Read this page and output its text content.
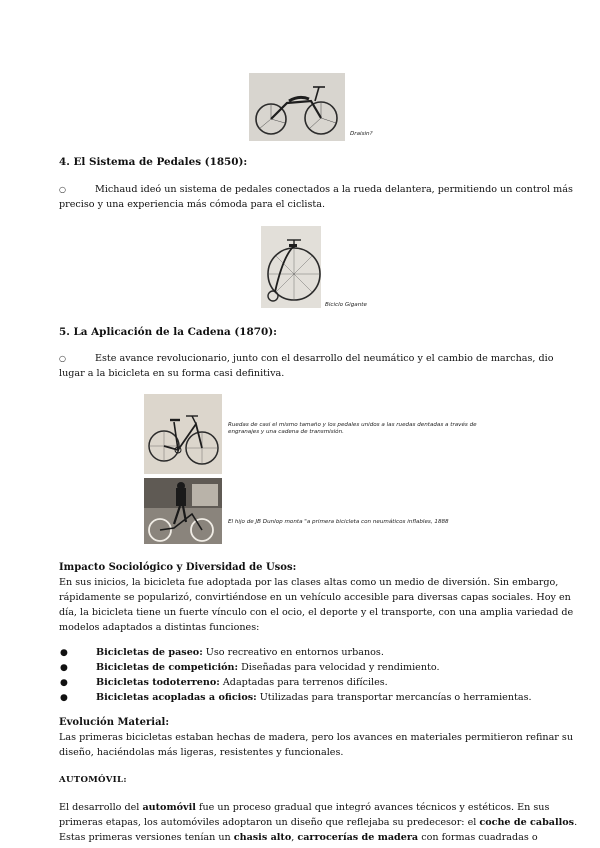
Draisin?
4. El Sistema de Pedales (1850):
○	Michaud ideó un sistema de pedales conectados a la rueda delantera, permitiendo un control más
preciso y una experiencia más cómoda para el ciclista.
Biciclo Gigante
5. La Aplicación de la Cadena (1870):
○	Este avance revolucionario, junto con el desarrollo del neumático y el cambio de marchas, dio
lugar a la bicicleta en su forma casi definitiva.
Ruedas de casi el mismo tamaño y los pedales unidos a las ruedas dentadas a través de engranajes y una cadena de transmisión.
El hijo de JB Dunlop monta "a primera bicicleta con neumáticos inflables, 1888
Impacto Sociológico y Diversidad de Usos:
En sus inicios, la bicicleta fue adoptada por las clases altas como un medio de diversión. Sin embargo,
rápidamente se popularizó, convirtiéndose en un vehículo accesible para diversas capas sociales. Hoy en
día, la bicicleta tiene un fuerte vínculo con el ocio, el deporte y el transporte, con una amplia variedad de
modelos adaptados a distintas funciones:
●	Bicicletas de paseo: Uso recreativo en entornos urbanos.
●	Bicicletas de competición: Diseñadas para velocidad y rendimiento.
●	Bicicletas todoterreno: Adaptadas para terrenos difíciles.
●	Bicicletas acopladas a oficios: Utilizadas para transportar mercancías o herramientas.
Evolución Material:
Las primeras bicicletas estaban hechas de madera, pero los avances en materiales permitieron refinar su
diseño, haciéndolas más ligeras, resistentes y funcionales.
AUTOMÓVIL:
El desarrollo del automóvil fue un proceso gradual que integró avances técnicos y estéticos. En sus
primeras etapas, los automóviles adoptaron un diseño que reflejaba su predecesor: el coche de caballos.
Estas primeras versiones tenían un chasis alto, carrocerías de madera con formas cuadradas o
